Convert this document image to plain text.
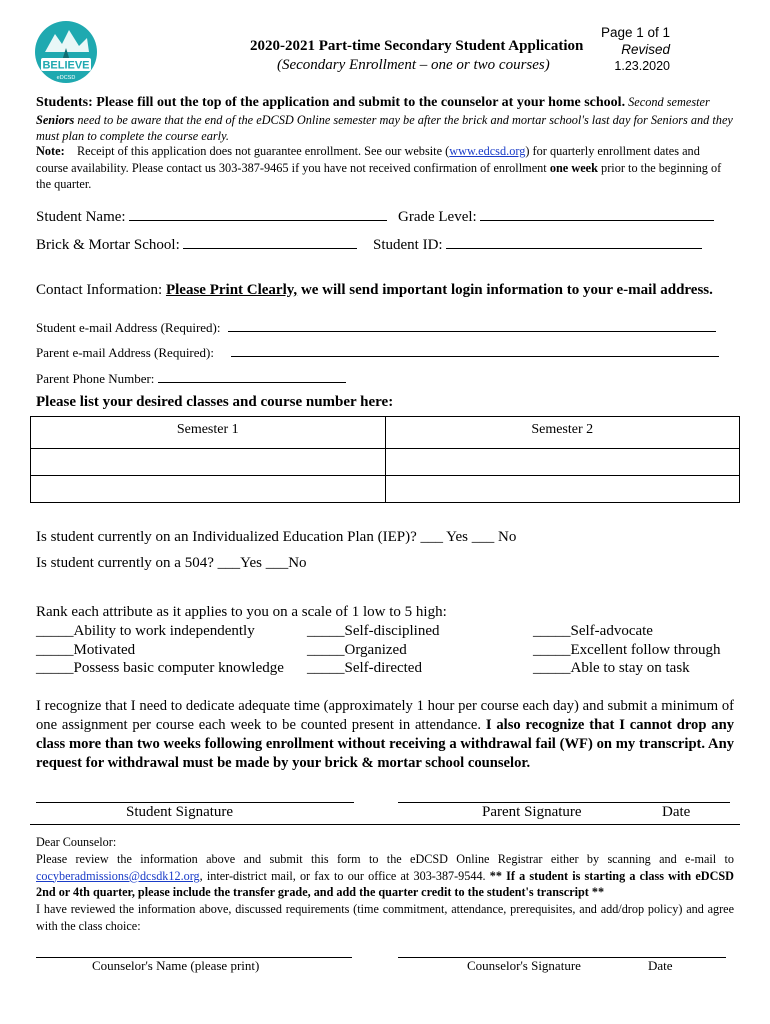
BELIEVE
eDCSD
2020-2021 Part-time Secondary Student Application
(Secondary Enrollment – one or two courses)
Page 1 of 1
Revised
1.23.2020
Students: Please fill out the top of the application and submit to the counselor at your home school. Second semester Seniors need to be aware that the end of the eDCSD Online semester may be after the brick and mortar school's last day for Seniors and they must plan to complete the course early.
Note: Receipt of this application does not guarantee enrollment. See our website (www.edcsd.org) for quarterly enrollment dates and course availability. Please contact us 303-387-9465 if you have not received confirmation of enrollment one week prior to the beginning of the quarter.
Student Name:	Grade Level:
Brick & Mortar School:	Student ID:
Contact Information: Please Print Clearly, we will send important login information to your e-mail address.
Student e-mail Address (Required):
Parent e-mail Address (Required):
Parent Phone Number:
Please list your desired classes and course number here:
Semester 1	Semester 2

Is student currently on an Individualized Education Plan (IEP)? ___ Yes ___ No
Is student currently on a 504? ___Yes ___No
Rank each attribute as it applies to you on a scale of 1 low to 5 high:
_____Ability to work independently
_____Motivated
_____Possess basic computer knowledge
_____Self-disciplined
_____Organized
_____Self-directed
_____Self-advocate
_____Excellent follow through
_____Able to stay on task
I recognize that I need to dedicate adequate time (approximately 1 hour per course each day) and submit a minimum of one assignment per course each week to be counted present in attendance. I also recognize that I cannot drop any class more than two weeks following enrollment without receiving a withdrawal fail (WF) on my transcript. Any request for withdrawal must be made by your brick & mortar school counselor.
Student Signature	Parent Signature	Date
Dear Counselor:
Please review the information above and submit this form to the eDCSD Online Registrar either by scanning and e-mail to cocyberadmissions@dcsdk12.org, inter-district mail, or fax to our office at 303-387-9544. ** If a student is starting a class with eDCSD 2nd or 4th quarter, please include the transfer grade, and add the quarter credit to the student's transcript **
I have reviewed the information above, discussed requirements (time commitment, attendance, prerequisites, and add/drop policy) and agree with the class choice:
Counselor's Name (please print)	Counselor's Signature	Date
